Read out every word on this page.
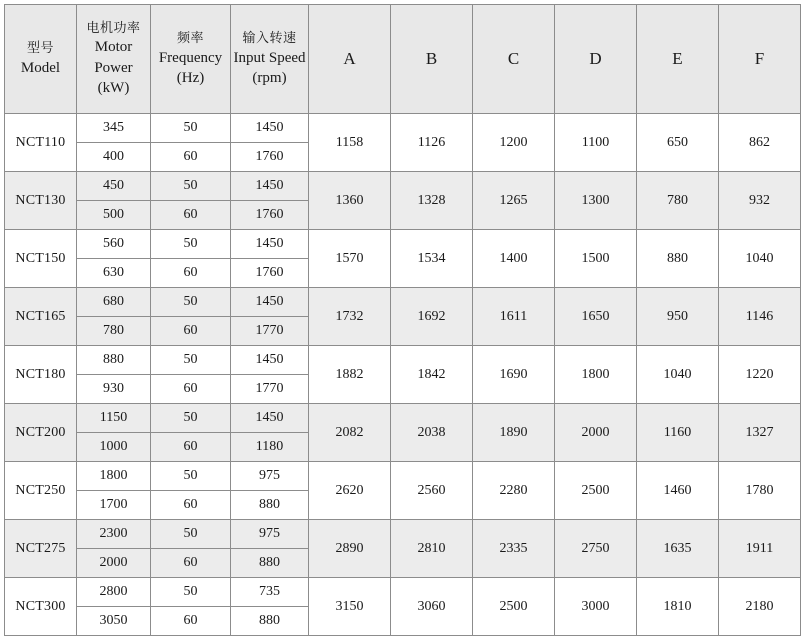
型号
Model	电机功率
Motor Power
(kW)	频率
Frequency
(Hz)	输入转速
Input Speed
(rpm)	A	B	C	D	E	F
NCT110	345	50	1450	1158	1126	1200	1100	650	862
	400	60	1760						
NCT130	450	50	1450	1360	1328	1265	1300	780	932
	500	60	1760						
NCT150	560	50	1450	1570	1534	1400	1500	880	1040
	630	60	1760						
NCT165	680	50	1450	1732	1692	1611	1650	950	1146
	780	60	1770						
NCT180	880	50	1450	1882	1842	1690	1800	1040	1220
	930	60	1770						
NCT200	1150	50	1450	2082	2038	1890	2000	1160	1327
	1000	60	1180						
NCT250	1800	50	975	2620	2560	2280	2500	1460	1780
	1700	60	880						
NCT275	2300	50	975	2890	2810	2335	2750	1635	1911
	2000	60	880						
NCT300	2800	50	735	3150	3060	2500	3000	1810	2180
	3050	60	880						
